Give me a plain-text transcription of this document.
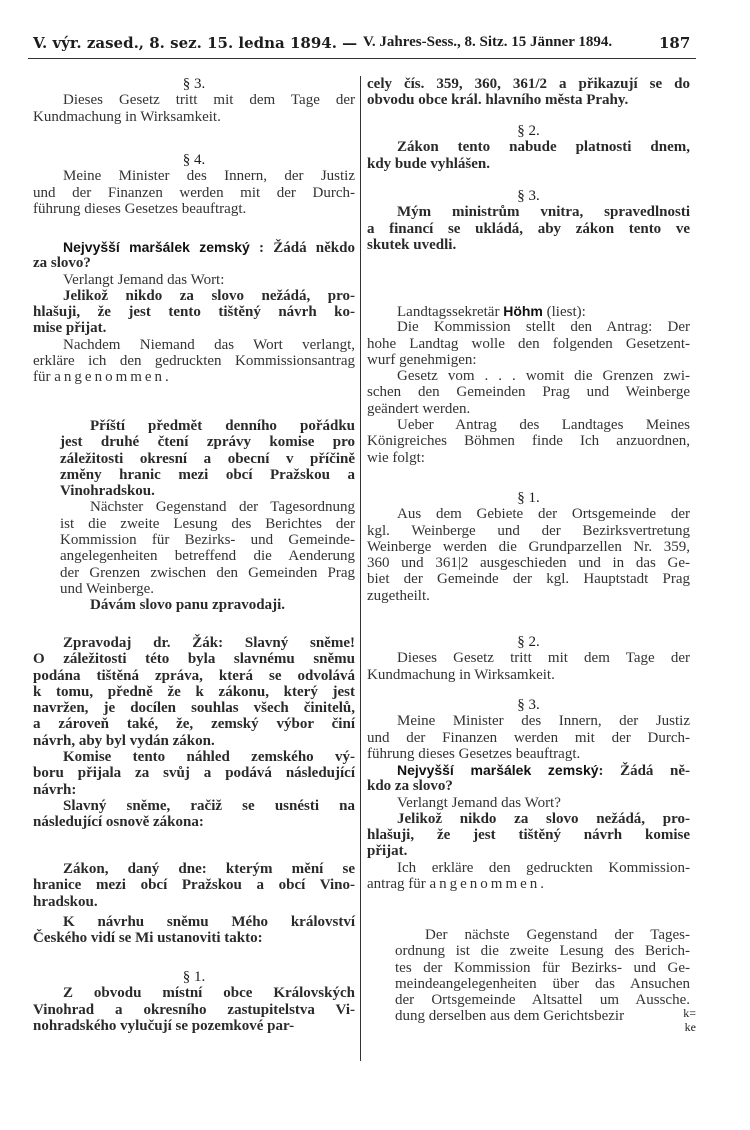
V. výr. zased., 8. sez. 15. ledna 1894. — V. Jahres-Sess., 8. Sitz. 15 Jänner 1894.	187
§ 3.
Dieses Gesetz tritt mit dem Tage der
Kundmachung in Wirksamkeit.
§ 4.
Meine Minister des Innern, der Justiz
und der Finanzen werden mit der Durch-
führung dieses Gesetzes beauftragt.
Nejvyšší maršálek zemský : Žádá někdo
za slovo?
Verlangt Jemand das Wort:
Jelikož nikdo za slovo nežádá, pro-
hlašuji, že jest tento tištěný návrh ko-
mise přijat.
Nachdem Niemand das Wort verlangt,
erkläre ich den gedruckten Kommissionsantrag
für angenommen.
Příští předmět denního pořádku
jest druhé čtení zprávy komise pro
záležitosti okresní a obecní v příčině
změny hranic mezi obcí Pražskou a
Vinohradskou.
Nächster Gegenstand der Tagesordnung
ist die zweite Lesung des Berichtes der
Kommission für Bezirks- und Gemeinde-
angelegenheiten betreffend die Aenderung
der Grenzen zwischen den Gemeinden Prag
und Weinberge.
Dávám slovo panu zpravodaji.
Zpravodaj dr. Žák: Slavný sněme!
O záležitosti této byla slavnému sněmu
podána tištěná zpráva, která se odvolává
k tomu, předně že k zákonu, který jest
navržen, je docílen souhlas všech činitelů,
a zároveň také, že, zemský výbor činí
návrh, aby byl vydán zákon.
Komise tento náhled zemského vý-
boru přijala za svůj a podává následující
návrh:
Slavný sněme, račiž se usnésti na
následující osnově zákona:
Zákon, daný dne: kterým mění se
hranice mezi obcí Pražskou a obcí Vino-
hradskou.
K návrhu sněmu Mého království
Českého vidí se Mi ustanoviti takto:
§ 1.
Z obvodu místní obce Královských
Vinohrad a okresního zastupitelstva Vi-
nohradského vylučují se pozemkové par-
cely čís. 359, 360, 361/2 a přikazují se do
obvodu obce král. hlavního města Prahy.
§ 2.
Zákon tento nabude platnosti dnem,
kdy bude vyhlášen.
§ 3.
Mým ministrům vnitra, spravedlnosti
a financí se ukládá, aby zákon tento ve
skutek uvedli.
Landtagssekretär Höhm (liest):
Die Kommission stellt den Antrag: Der
hohe Landtag wolle den folgenden Gesetzent-
wurf genehmigen:
Gesetz vom . . . womit die Grenzen zwi-
schen den Gemeinden Prag und Weinberge
geändert werden.
Ueber Antrag des Landtages Meines
Königreiches Böhmen finde Ich anzuordnen,
wie folgt:
§ 1.
Aus dem Gebiete der Ortsgemeinde der
kgl. Weinberge und der Bezirksvertretung
Weinberge werden die Grundparzellen Nr. 359,
360 und 361|2 ausgeschieden und in das Ge-
biet der Gemeinde der kgl. Hauptstadt Prag
zugetheilt.
§ 2.
Dieses Gesetz tritt mit dem Tage der
Kundmachung in Wirksamkeit.
§ 3.
Meine Minister des Innern, der Justiz
und der Finanzen werden mit der Durch-
führung dieses Gesetzes beauftragt.
Nejvyšší maršálek zemský: Žádá ně-
kdo za slovo?
Verlangt Jemand das Wort?
Jelikož nikdo za slovo nežádá, pro-
hlašuji, že jest tištěný návrh komise
přijat.
Ich erkläre den gedruckten Kommission-
antrag für angenommen.
Der nächste Gegenstand der Tages-
ordnung ist die zweite Lesung des Berich-
tes der Kommission für Bezirks- und Ge-
meindeangelegenheiten über das Ansuchen
der Ortsgemeinde Altsattel um Aussche.
dung derselben aus dem Gerichtsbezir	k=
ke
